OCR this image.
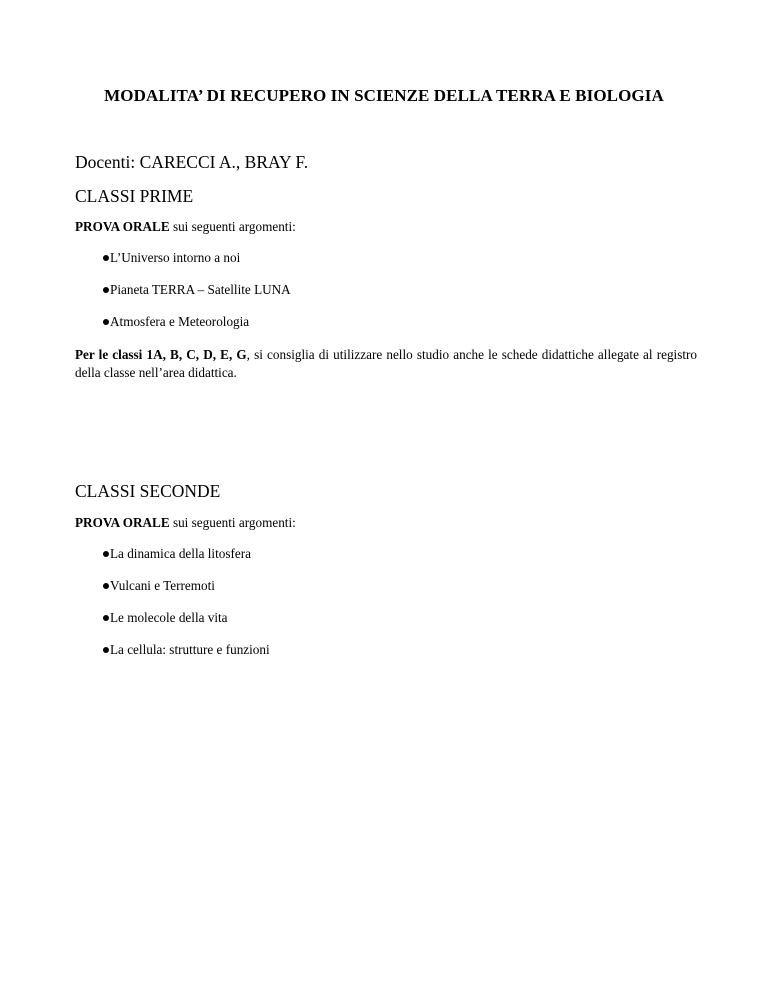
MODALITA’ DI RECUPERO IN SCIENZE DELLA TERRA E BIOLOGIA
Docenti: CARECCI A., BRAY F.
CLASSI PRIME
PROVA ORALE sui seguenti argomenti:
L’Universo intorno a noi
Pianeta TERRA – Satellite LUNA
Atmosfera e Meteorologia
Per le classi 1A, B, C, D, E, G, si consiglia di utilizzare nello studio anche le schede didattiche allegate al registro della classe nell’area didattica.
CLASSI SECONDE
PROVA ORALE sui seguenti argomenti:
La dinamica della litosfera
Vulcani e Terremoti
Le molecole della vita
La cellula: strutture e funzioni
